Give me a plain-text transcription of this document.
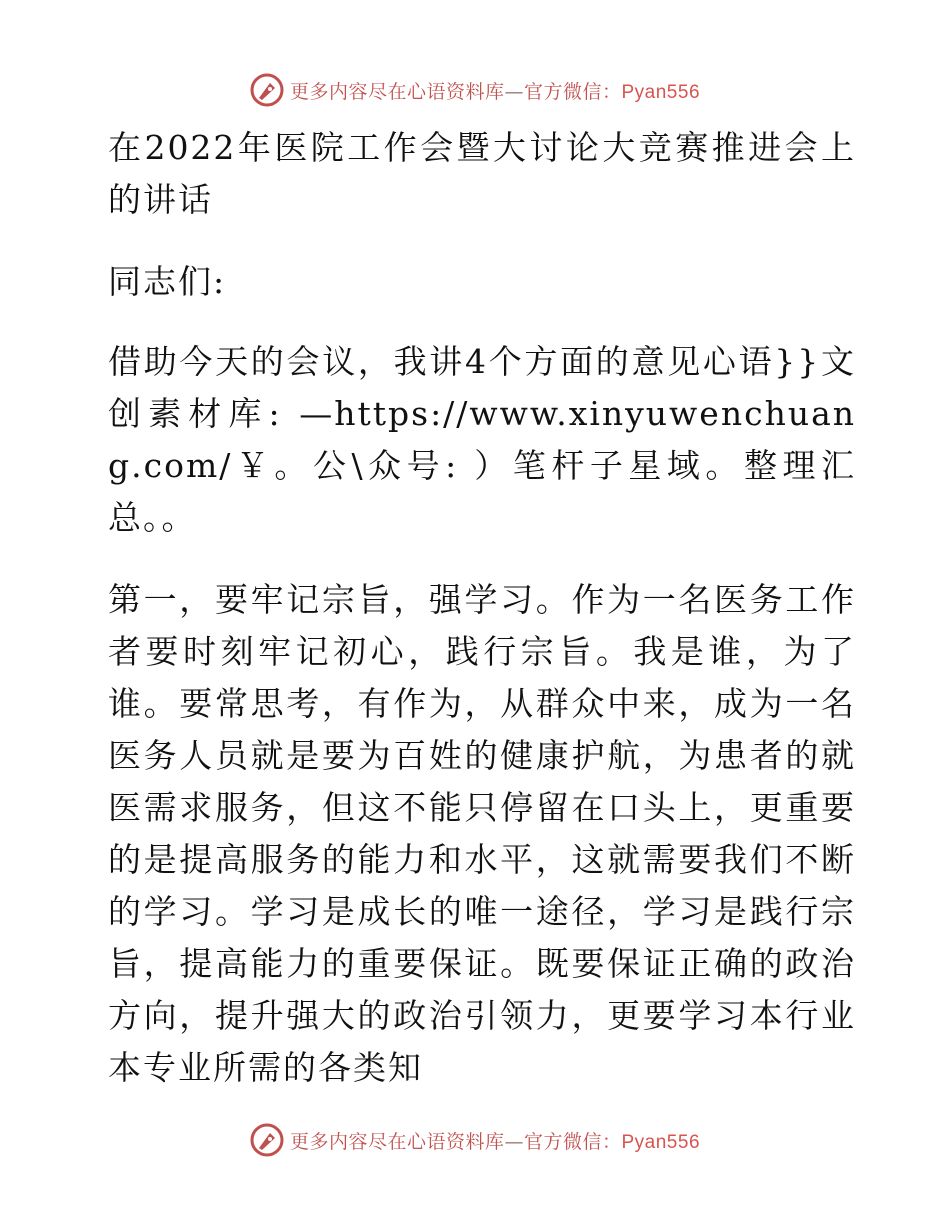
更多内容尽在心语资料库—官方微信：Pyan556

在2022年医院工作会暨大讨论大竞赛推进会上的讲话

同志们:

借助今天的会议，我讲4个方面的意见心语}}文创素材库: —https://www.xinyuwenchuang.com/￥。公\众号: ）笔杆子星域。整理汇总。。

第一，要牢记宗旨，强学习。作为一名医务工作者要时刻牢记初心，践行宗旨。我是谁，为了谁。要常思考，有作为，从群众中来，成为一名医务人员就是要为百姓的健康护航，为患者的就医需求服务，但这不能只停留在口头上，更重要的是提高服务的能力和水平，这就需要我们不断的学习。学习是成长的唯一途径，学习是践行宗旨，提高能力的重要保证。既要保证正确的政治方向，提升强大的政治引领力，更要学习本行业本专业所需的各类知

更多内容尽在心语资料库—官方微信：Pyan556
